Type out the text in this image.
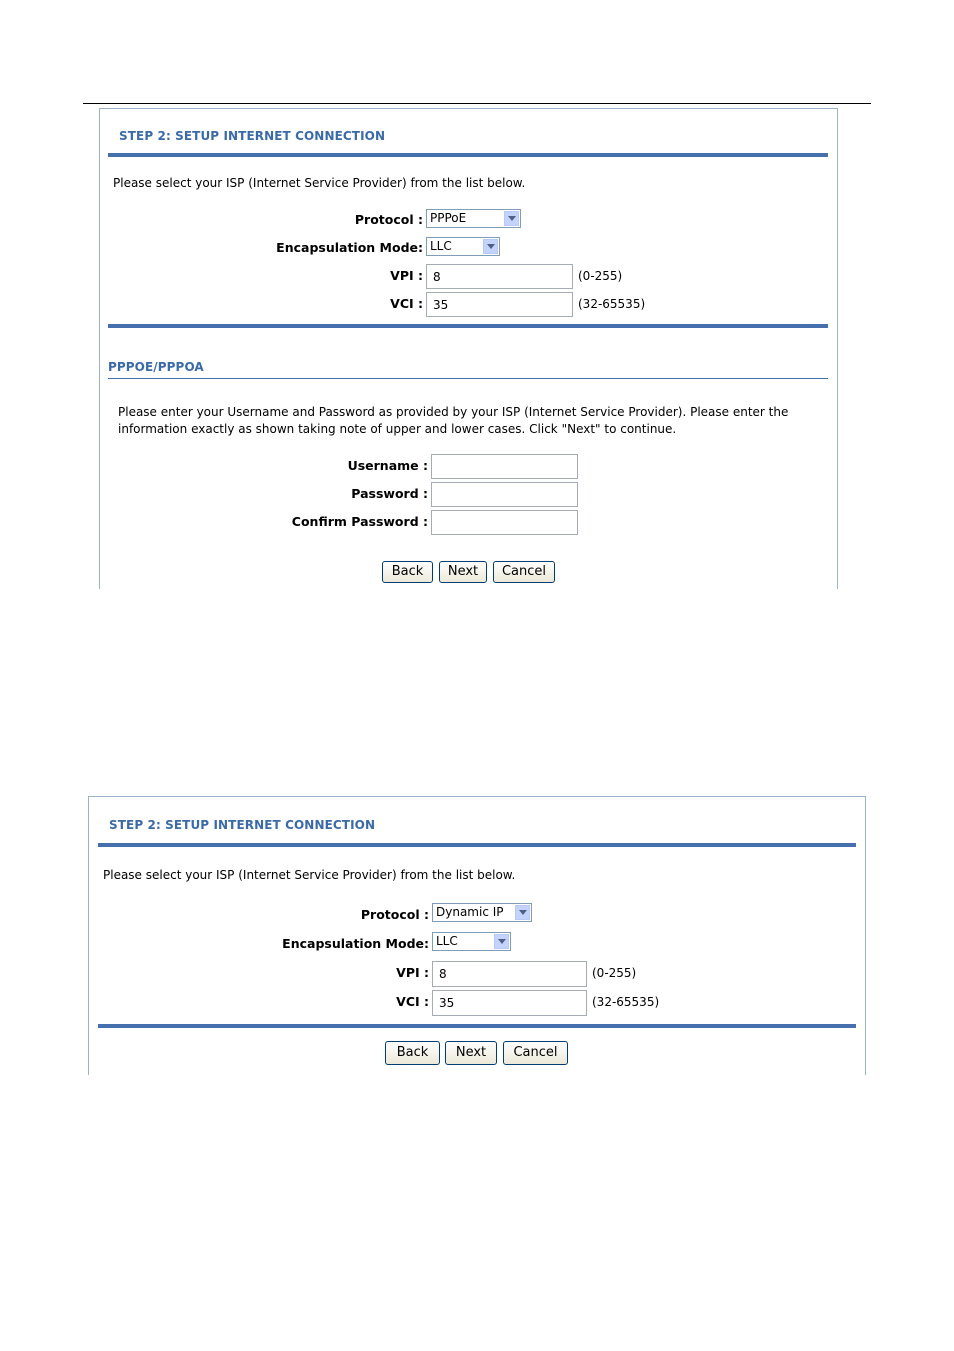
STEP 2: SETUP INTERNET CONNECTION
Please select your ISP (Internet Service Provider) from the list below.
Protocol : PPPoE
Encapsulation Mode: LLC
VPI : 8	(0-255)
VCI : 35	(32-65535)
PPPOE/PPPOA
Please enter your Username and Password as provided by your ISP (Internet Service Provider). Please enter the
information exactly as shown taking note of upper and lower cases. Click "Next" to continue.
Username :
Password :
Confirm Password :
Back	Next	Cancel
STEP 2: SETUP INTERNET CONNECTION
Please select your ISP (Internet Service Provider) from the list below.
Protocol : Dynamic IP
Encapsulation Mode: LLC
VPI : 8	(0-255)
VCI : 35	(32-65535)
Back	Next	Cancel
